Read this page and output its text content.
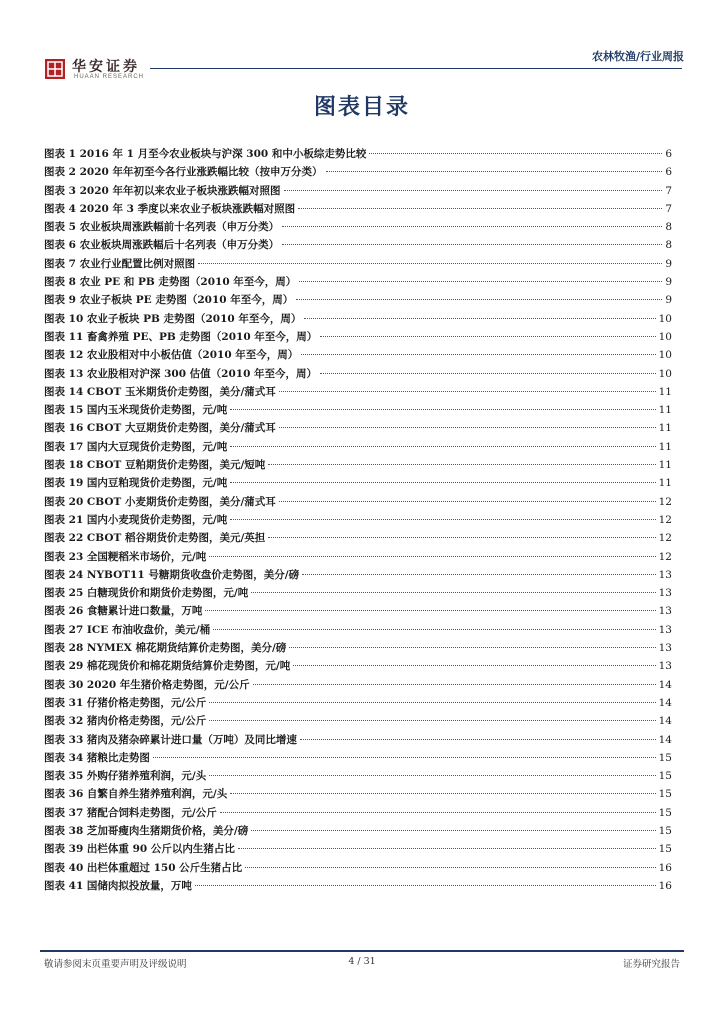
华安证券
HUAAN RESEARCH
农林牧渔/行业周报
图表目录
图表 1 2016 年 1 月至今农业板块与沪深 300 和中小板综走势比较	6
图表 2 2020 年年初至今各行业涨跌幅比较（按申万分类）	6
图表 3 2020 年年初以来农业子板块涨跌幅对照图	7
图表 4 2020 年 3 季度以来农业子板块涨跌幅对照图	7
图表 5 农业板块周涨跌幅前十名列表（申万分类）	8
图表 6 农业板块周涨跌幅后十名列表（申万分类）	8
图表 7 农业行业配置比例对照图	9
图表 8 农业 PE 和 PB 走势图（2010 年至今，周）	9
图表 9 农业子板块 PE 走势图（2010 年至今，周）	9
图表 10 农业子板块 PB 走势图（2010 年至今，周）	10
图表 11 畜禽养殖 PE、PB 走势图（2010 年至今，周）	10
图表 12 农业股相对中小板估值（2010 年至今，周）	10
图表 13 农业股相对沪深 300 估值（2010 年至今，周）	10
图表 14 CBOT 玉米期货价走势图，美分/蒲式耳	11
图表 15 国内玉米现货价走势图，元/吨	11
图表 16 CBOT 大豆期货价走势图，美分/蒲式耳	11
图表 17 国内大豆现货价走势图，元/吨	11
图表 18 CBOT 豆粕期货价走势图，美元/短吨	11
图表 19 国内豆粕现货价走势图，元/吨	11
图表 20 CBOT 小麦期货价走势图，美分/蒲式耳	12
图表 21 国内小麦现货价走势图，元/吨	12
图表 22 CBOT 稻谷期货价走势图，美元/英担	12
图表 23 全国粳稻米市场价，元/吨	12
图表 24 NYBOT11 号糖期货收盘价走势图，美分/磅	13
图表 25 白糖现货价和期货价走势图，元/吨	13
图表 26 食糖累计进口数量，万吨	13
图表 27 ICE 布油收盘价，美元/桶	13
图表 28 NYMEX 棉花期货结算价走势图，美分/磅	13
图表 29 棉花现货价和棉花期货结算价走势图，元/吨	13
图表 30 2020 年生猪价格走势图，元/公斤	14
图表 31 仔猪价格走势图，元/公斤	14
图表 32 猪肉价格走势图，元/公斤	14
图表 33 猪肉及猪杂碎累计进口量（万吨）及同比增速	14
图表 34 猪粮比走势图	15
图表 35 外购仔猪养殖利润，元/头	15
图表 36 自繁自养生猪养殖利润，元/头	15
图表 37 猪配合饲料走势图，元/公斤	15
图表 38 芝加哥瘦肉生猪期货价格，美分/磅	15
图表 39 出栏体重 90 公斤以内生猪占比	15
图表 40 出栏体重超过 150 公斤生猪占比	16
图表 41 国储肉拟投放量，万吨	16
敬请参阅末页重要声明及评级说明	4 / 31	证券研究报告
